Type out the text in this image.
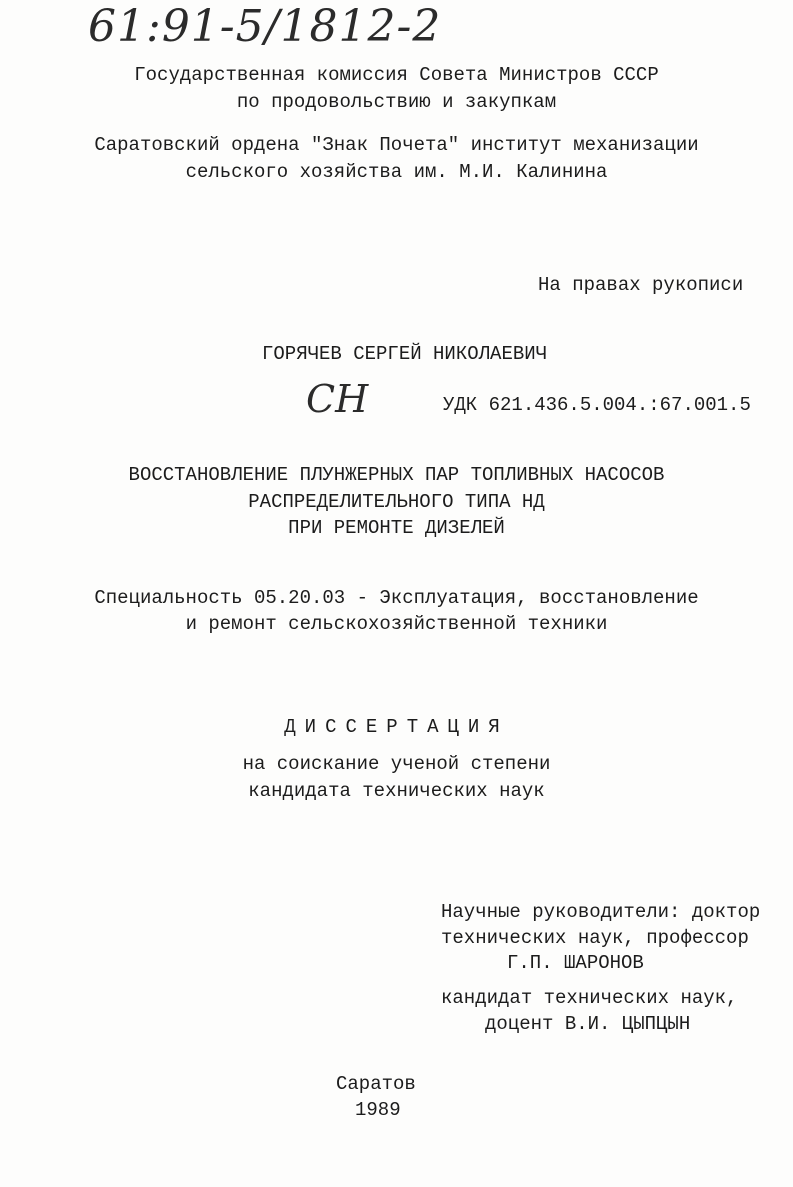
61:91-5/1812-2
Государственная комиссия Совета Министров СССР
по продовольствию и закупкам
Саратовский ордена "Знак Почета" институт механизации
сельского хозяйства им. М.И. Калинина
На правах рукописи
ГОРЯЧЕВ СЕРГЕЙ НИКОЛАЕВИЧ
СН	УДК 621.436.5.004.:67.001.5
ВОССТАНОВЛЕНИЕ ПЛУНЖЕРНЫХ ПАР ТОПЛИВНЫХ НАСОСОВ
РАСПРЕДЕЛИТЕЛЬНОГО ТИПА НД
ПРИ РЕМОНТЕ ДИЗЕЛЕЙ
Специальность 05.20.03 - Эксплуатация, восстановление
и ремонт сельскохозяйственной техники
ДИССЕРТАЦИЯ
на соискание ученой степени
кандидата технических наук
Научные руководители: доктор
технических наук, профессор
Г.П. ШАРОНОВ
кандидат технических наук,
доцент В.И. ЦЫПЦЫН
Саратов
1989
